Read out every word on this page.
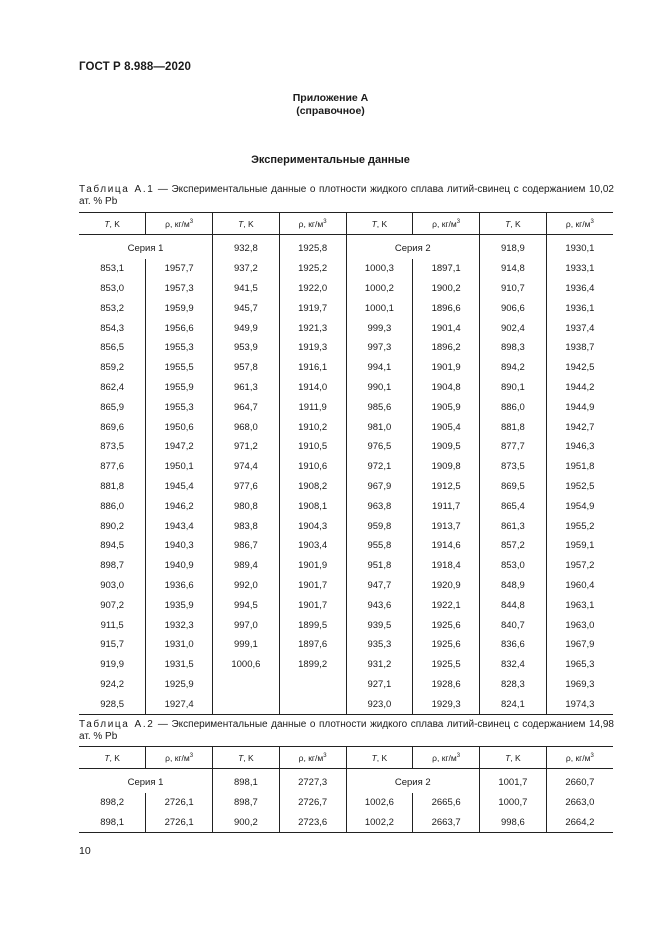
ГОСТ Р 8.988—2020
Приложение А
(справочное)
Экспериментальные данные
Таблица А.1 — Экспериментальные данные о плотности жидкого сплава литий-свинец с содержанием 10,02 ат. % Pb
T, K	ρ, $кг/м^3$	T, K	ρ, $кг/м^3$	T, K	ρ, $кг/м^3$	T, K	ρ, $кг/м^3$
Серия 1		932,8	1925,8	Серия 2		918,9	1930,1
853,1	1957,7	937,2	1925,2	1000,3	1897,1	914,8	1933,1
853,0	1957,3	941,5	1922,0	1000,2	1900,2	910,7	1936,4
853,2	1959,9	945,7	1919,7	1000,1	1896,6	906,6	1936,1
854,3	1956,6	949,9	1921,3	999,3	1901,4	902,4	1937,4
856,5	1955,3	953,9	1919,3	997,3	1896,2	898,3	1938,7
859,2	1955,5	957,8	1916,1	994,1	1901,9	894,2	1942,5
862,4	1955,9	961,3	1914,0	990,1	1904,8	890,1	1944,2
865,9	1955,3	964,7	1911,9	985,6	1905,9	886,0	1944,9
869,6	1950,6	968,0	1910,2	981,0	1905,4	881,8	1942,7
873,5	1947,2	971,2	1910,5	976,5	1909,5	877,7	1946,3
877,6	1950,1	974,4	1910,6	972,1	1909,8	873,5	1951,8
881,8	1945,4	977,6	1908,2	967,9	1912,5	869,5	1952,5
886,0	1946,2	980,8	1908,1	963,8	1911,7	865,4	1954,9
890,2	1943,4	983,8	1904,3	959,8	1913,7	861,3	1955,2
894,5	1940,3	986,7	1903,4	955,8	1914,6	857,2	1959,1
898,7	1940,9	989,4	1901,9	951,8	1918,4	853,0	1957,2
903,0	1936,6	992,0	1901,7	947,7	1920,9	848,9	1960,4
907,2	1935,9	994,5	1901,7	943,6	1922,1	844,8	1963,1
911,5	1932,3	997,0	1899,5	939,5	1925,6	840,7	1963,0
915,7	1931,0	999,1	1897,6	935,3	1925,6	836,6	1967,9
919,9	1931,5	1000,6	1899,2	931,2	1925,5	832,4	1965,3
924,2	1925,9			927,1	1928,6	828,3	1969,3
928,5	1927,4			923,0	1929,3	824,1	1974,3
Таблица А.2 — Экспериментальные данные о плотности жидкого сплава литий-свинец с содержанием 14,98 ат. % Pb
T, K	ρ, $кг/м^3$	T, K	ρ, $кг/м^3$	T, K	ρ, $кг/м^3$	T, K	ρ, $кг/м^3$
Серия 1		898,1	2727,3	Серия 2		1001,7	2660,7
898,2	2726,1	898,7	2726,7	1002,6	2665,6	1000,7	2663,0
898,1	2726,1	900,2	2723,6	1002,2	2663,7	998,6	2664,2
10
